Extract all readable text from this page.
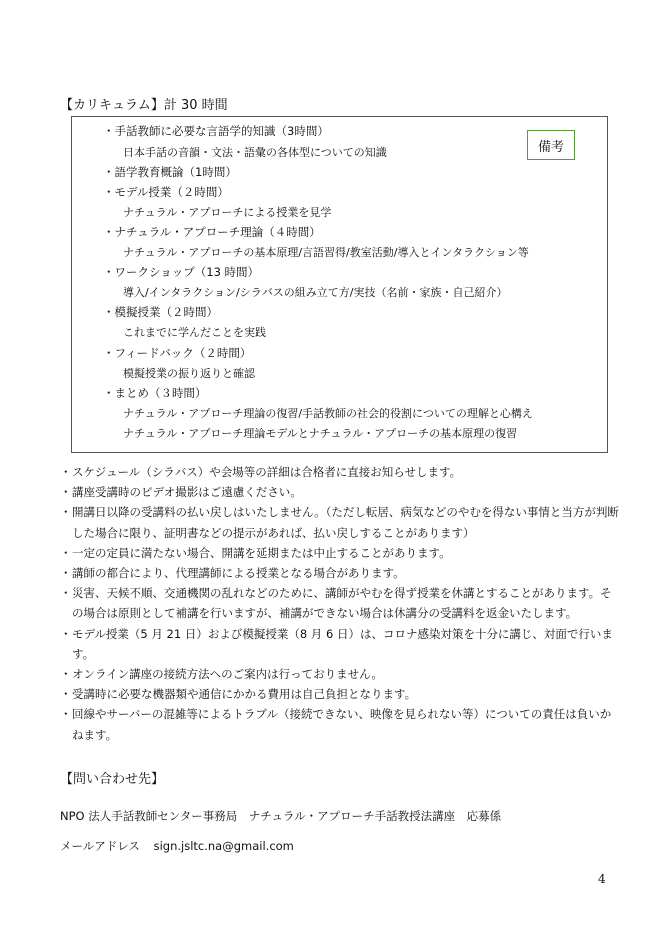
【カリキュラム】計 30 時間
備考
・手話教師に必要な言語学的知識（3時間）
日本手話の音韻・文法・語彙の各体型についての知識
・語学教育概論（1時間）
・モデル授業（２時間）
ナチュラル・アプローチによる授業を見学
・ナチュラル・アプローチ理論（４時間）
ナチュラル・アプローチの基本原理/言語習得/教室活動/導入とインタラクション等
・ワークショップ（13 時間）
導入/インタラクション/シラバスの組み立て方/実技（名前・家族・自己紹介）
・模擬授業（２時間）
これまでに学んだことを実践
・フィードバック（２時間）
模擬授業の振り返りと確認
・まとめ（３時間）
ナチュラル・アプローチ理論の復習/手話教師の社会的役割についての理解と心構え
ナチュラル・アプローチ理論モデルとナチュラル・アプローチの基本原理の復習
・ スケジュール（シラバス）や会場等の詳細は合格者に直接お知らせします。
・ 講座受講時のビデオ撮影はご遠慮ください。
・ 開講日以降の受講料の払い戻しはいたしません。（ただし転居、病気などのやむを得ない事情と当方が判断した場合に限り、証明書などの提示があれば、払い戻しすることがあります）
・ 一定の定員に満たない場合、開講を延期または中止することがあります。
・ 講師の都合により、代理講師による授業となる場合があります。
・ 災害、天候不順、交通機関の乱れなどのために、講師がやむを得ず授業を休講とすることがあります。その場合は原則として補講を行いますが、補講ができない場合は休講分の受講料を返金いたします。
・ モデル授業（5 月 21 日）および模擬授業（8 月 6 日）は、コロナ感染対策を十分に講じ、対面で行います。
・ オンライン講座の接続方法へのご案内は行っておりません。
・ 受講時に必要な機器類や通信にかかる費用は自己負担となります。
・ 回線やサーバーの混雑等によるトラブル（接続できない、映像を見られない等）についての責任は負いかねます。
【問い合わせ先】
NPO 法人手話教師センター事務局　ナチュラル・アプローチ手話教授法講座　応募係
メールアドレス sign.jsltc.na@gmail.com
4
